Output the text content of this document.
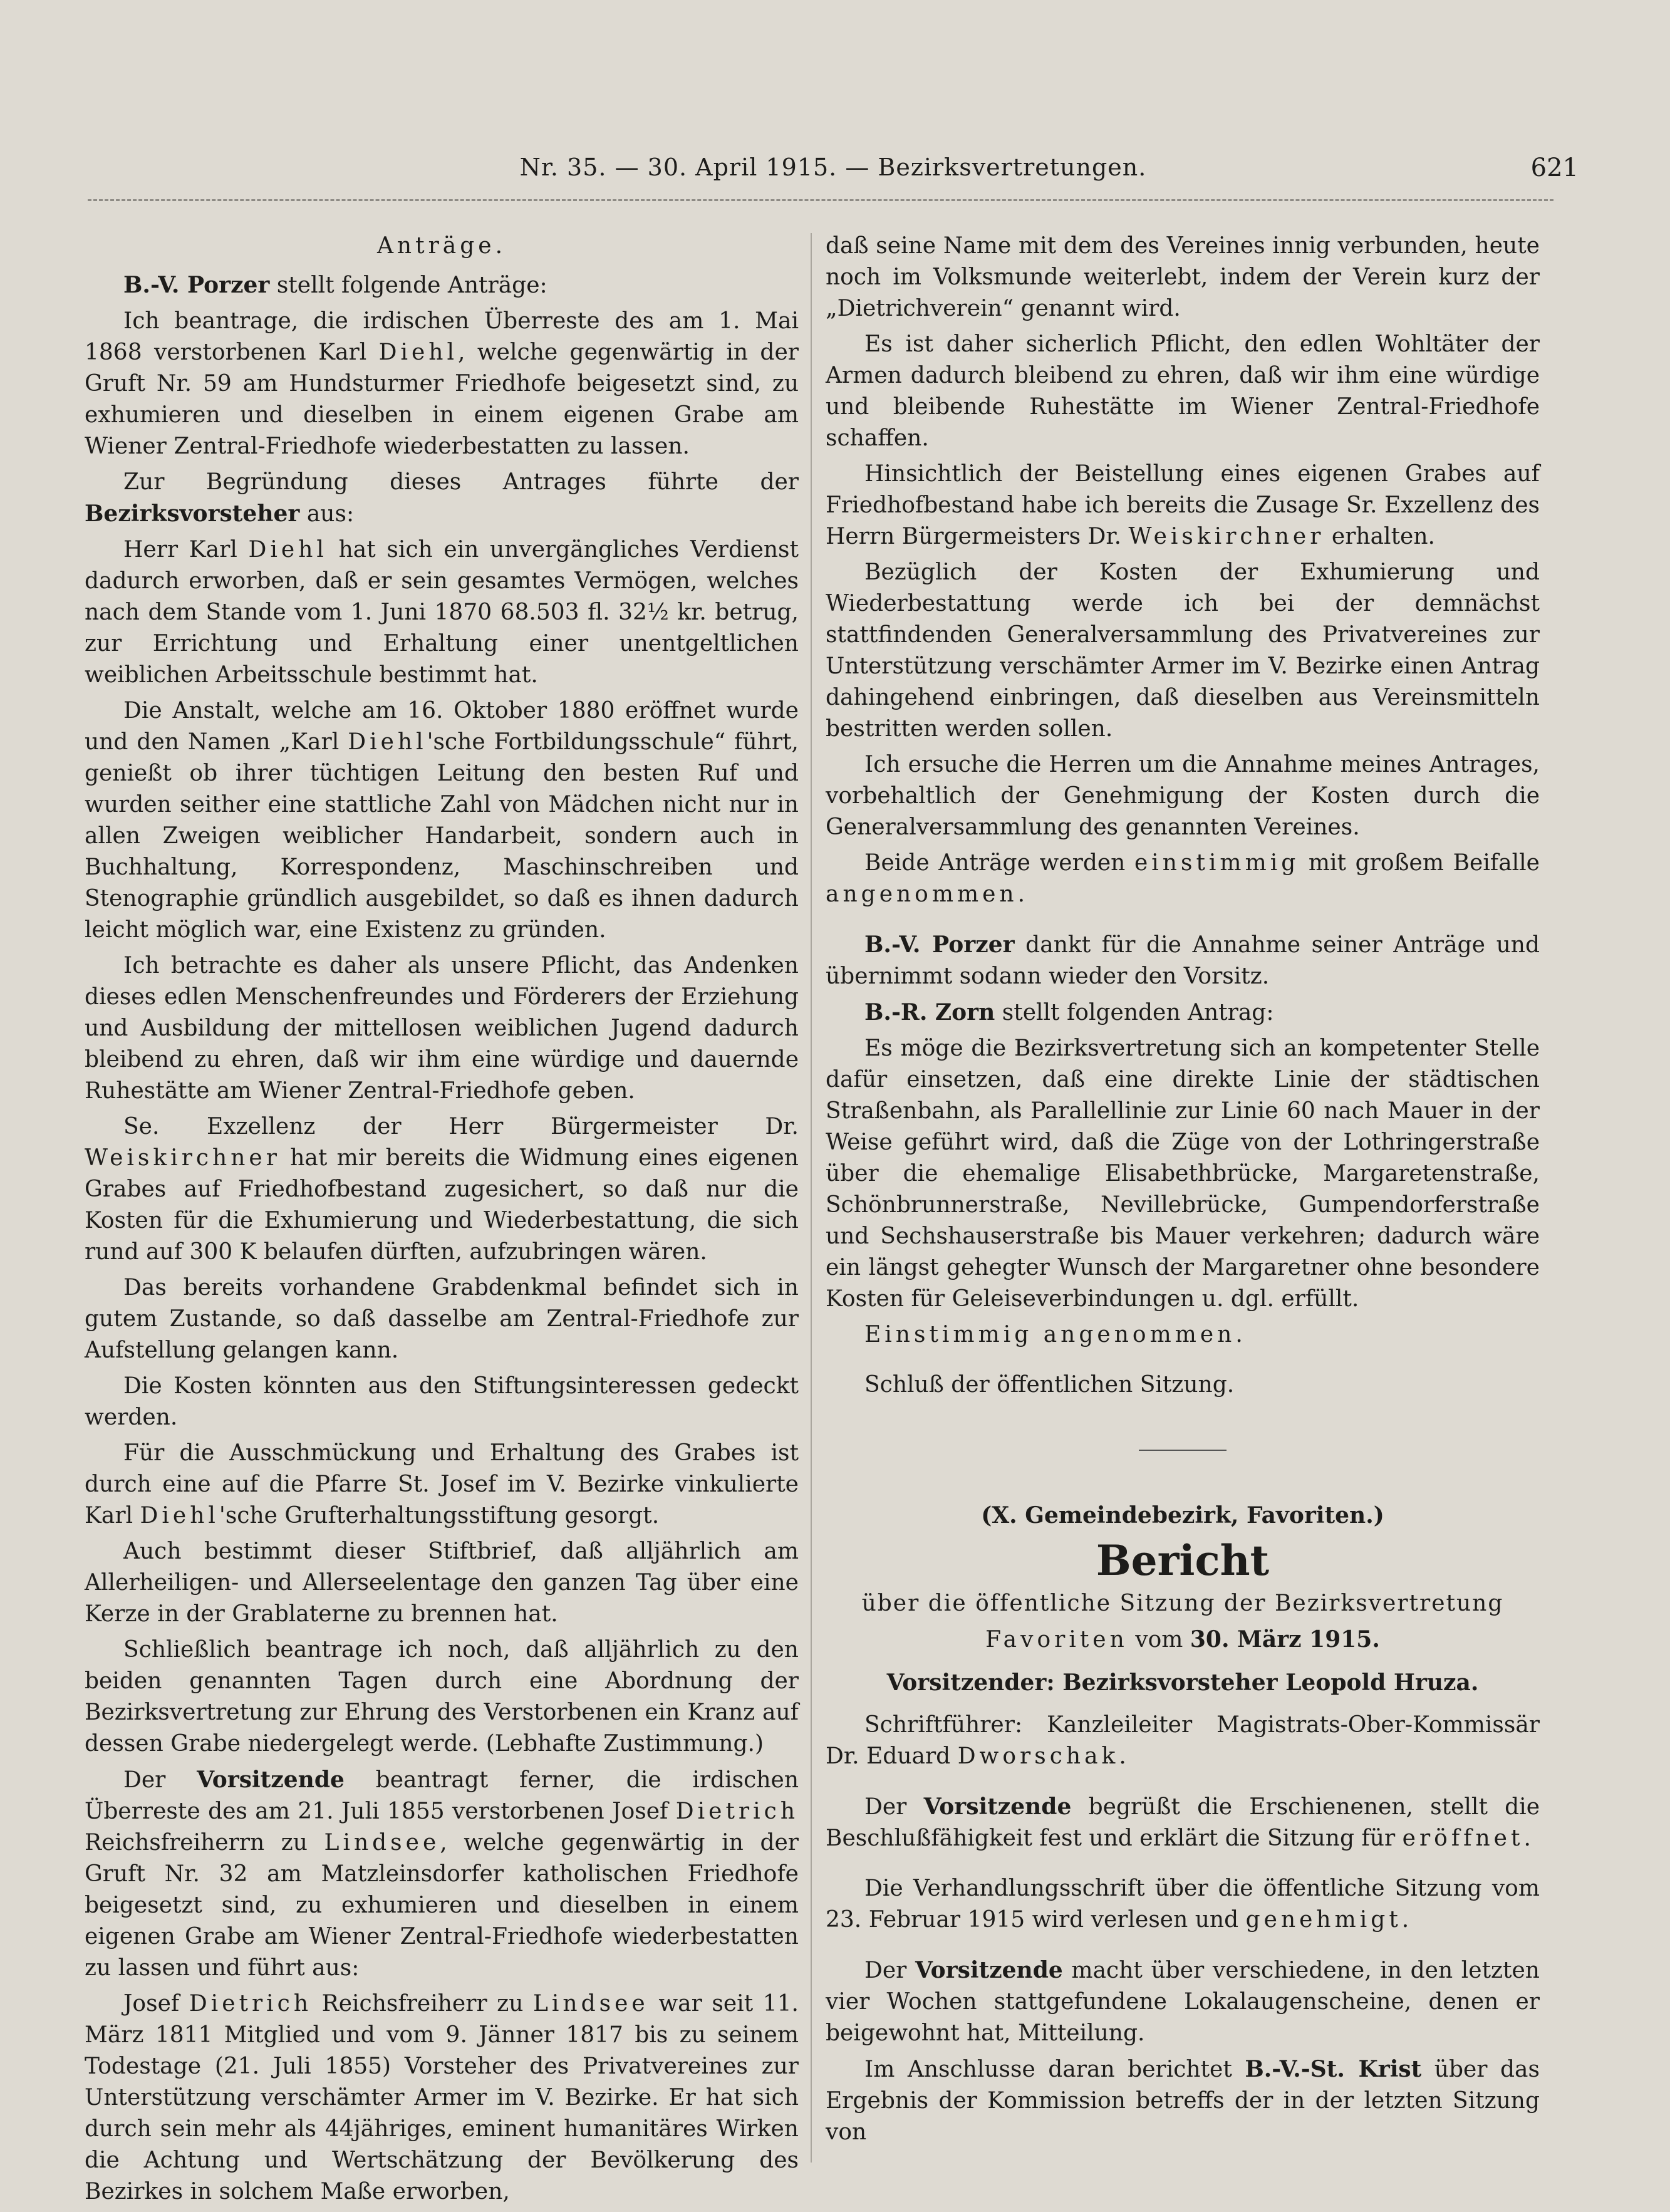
Nr. 35. — 30. April 1915. — Bezirksvertretungen.	621
Anträge.

B.-V. Porzer stellt folgende Anträge:

Ich beantrage, die irdischen Überreste des am 1. Mai 1868 verstorbenen Karl Diehl, welche gegenwärtig in der Gruft Nr. 59 am Hundsturmer Friedhofe beigesetzt sind, zu exhumieren und dieselben in einem eigenen Grabe am Wiener Zentral-Friedhofe wiederbestatten zu lassen.

Zur Begründung dieses Antrages führte der Bezirksvorsteher aus:

Herr Karl Diehl hat sich ein unvergängliches Verdienst dadurch erworben, daß er sein gesamtes Vermögen, welches nach dem Stande vom 1. Juni 1870 68.503 fl. 32½ kr. betrug, zur Errichtung und Erhaltung einer unentgeltlichen weiblichen Arbeitsschule bestimmt hat.

Die Anstalt, welche am 16. Oktober 1880 eröffnet wurde und den Namen „Karl Diehl'sche Fortbildungsschule“ führt, genießt ob ihrer tüchtigen Leitung den besten Ruf und wurden seither eine stattliche Zahl von Mädchen nicht nur in allen Zweigen weiblicher Handarbeit, sondern auch in Buchhaltung, Korrespondenz, Maschinschreiben und Stenographie gründlich ausgebildet, so daß es ihnen dadurch leicht möglich war, eine Existenz zu gründen.

Ich betrachte es daher als unsere Pflicht, das Andenken dieses edlen Menschenfreundes und Förderers der Erziehung und Ausbildung der mittellosen weiblichen Jugend dadurch bleibend zu ehren, daß wir ihm eine würdige und dauernde Ruhestätte am Wiener Zentral-Friedhofe geben.

Se. Exzellenz der Herr Bürgermeister Dr. Weiskirchner hat mir bereits die Widmung eines eigenen Grabes auf Friedhofbestand zugesichert, so daß nur die Kosten für die Exhumierung und Wiederbestattung, die sich rund auf 300 K belaufen dürften, aufzubringen wären.

Das bereits vorhandene Grabdenkmal befindet sich in gutem Zustande, so daß dasselbe am Zentral-Friedhofe zur Aufstellung gelangen kann.

Die Kosten könnten aus den Stiftungsinteressen gedeckt werden.

Für die Ausschmückung und Erhaltung des Grabes ist durch eine auf die Pfarre St. Josef im V. Bezirke vinkulierte Karl Diehl'sche Grufterhaltungsstiftung gesorgt.

Auch bestimmt dieser Stiftbrief, daß alljährlich am Allerheiligen- und Allerseelentage den ganzen Tag über eine Kerze in der Grablaterne zu brennen hat.

Schließlich beantrage ich noch, daß alljährlich zu den beiden genannten Tagen durch eine Abordnung der Bezirksvertretung zur Ehrung des Verstorbenen ein Kranz auf dessen Grabe niedergelegt werde. (Lebhafte Zustimmung.)

Der Vorsitzende beantragt ferner, die irdischen Überreste des am 21. Juli 1855 verstorbenen Josef Dietrich Reichsfreiherrn zu Lindsee, welche gegenwärtig in der Gruft Nr. 32 am Matzleinsdorfer katholischen Friedhofe beigesetzt sind, zu exhumieren und dieselben in einem eigenen Grabe am Wiener Zentral-Friedhofe wiederbestatten zu lassen und führt aus:

Josef Dietrich Reichsfreiherr zu Lindsee war seit 11. März 1811 Mitglied und vom 9. Jänner 1817 bis zu seinem Todestage (21. Juli 1855) Vorsteher des Privatvereines zur Unterstützung verschämter Armer im V. Bezirke. Er hat sich durch sein mehr als 44jähriges, eminent humanitäres Wirken die Achtung und Wertschätzung der Bevölkerung des Bezirkes in solchem Maße erworben,

daß seine Name mit dem des Vereines innig verbunden, heute noch im Volksmunde weiterlebt, indem der Verein kurz der „Dietrichverein“ genannt wird.

Es ist daher sicherlich Pflicht, den edlen Wohltäter der Armen dadurch bleibend zu ehren, daß wir ihm eine würdige und bleibende Ruhestätte im Wiener Zentral-Friedhofe schaffen.

Hinsichtlich der Beistellung eines eigenen Grabes auf Friedhofbestand habe ich bereits die Zusage Sr. Exzellenz des Herrn Bürgermeisters Dr. Weiskirchner erhalten.

Bezüglich der Kosten der Exhumierung und Wiederbestattung werde ich bei der demnächst stattfindenden Generalversammlung des Privatvereines zur Unterstützung verschämter Armer im V. Bezirke einen Antrag dahingehend einbringen, daß dieselben aus Vereinsmitteln bestritten werden sollen.

Ich ersuche die Herren um die Annahme meines Antrages, vorbehaltlich der Genehmigung der Kosten durch die Generalversammlung des genannten Vereines.

Beide Anträge werden einstimmig mit großem Beifalle angenommen.

B.-V. Porzer dankt für die Annahme seiner Anträge und übernimmt sodann wieder den Vorsitz.

B.-R. Zorn stellt folgenden Antrag:

Es möge die Bezirksvertretung sich an kompetenter Stelle dafür einsetzen, daß eine direkte Linie der städtischen Straßenbahn, als Parallellinie zur Linie 60 nach Mauer in der Weise geführt wird, daß die Züge von der Lothringerstraße über die ehemalige Elisabethbrücke, Margaretenstraße, Schönbrunnerstraße, Nevillebrücke, Gumpendorferstraße und Sechshauserstraße bis Mauer verkehren; dadurch wäre ein längst gehegter Wunsch der Margaretner ohne besondere Kosten für Geleiseverbindungen u. dgl. erfüllt.

Einstimmig angenommen.

Schluß der öffentlichen Sitzung.

(X. Gemeindebezirk, Favoriten.)

Bericht

über die öffentliche Sitzung der Bezirksvertretung

Favoriten vom 30. März 1915.

Vorsitzender: Bezirksvorsteher Leopold Hruza.

Schriftführer: Kanzleileiter Magistrats-Ober-Kommissär Dr. Eduard Dworschak.

Der Vorsitzende begrüßt die Erschienenen, stellt die Beschlußfähigkeit fest und erklärt die Sitzung für eröffnet.

Die Verhandlungsschrift über die öffentliche Sitzung vom 23. Februar 1915 wird verlesen und genehmigt.

Der Vorsitzende macht über verschiedene, in den letzten vier Wochen stattgefundene Lokalaugenscheine, denen er beigewohnt hat, Mitteilung.

Im Anschlusse daran berichtet B.-V.-St. Krist über das Ergebnis der Kommission betreffs der in der letzten Sitzung von
